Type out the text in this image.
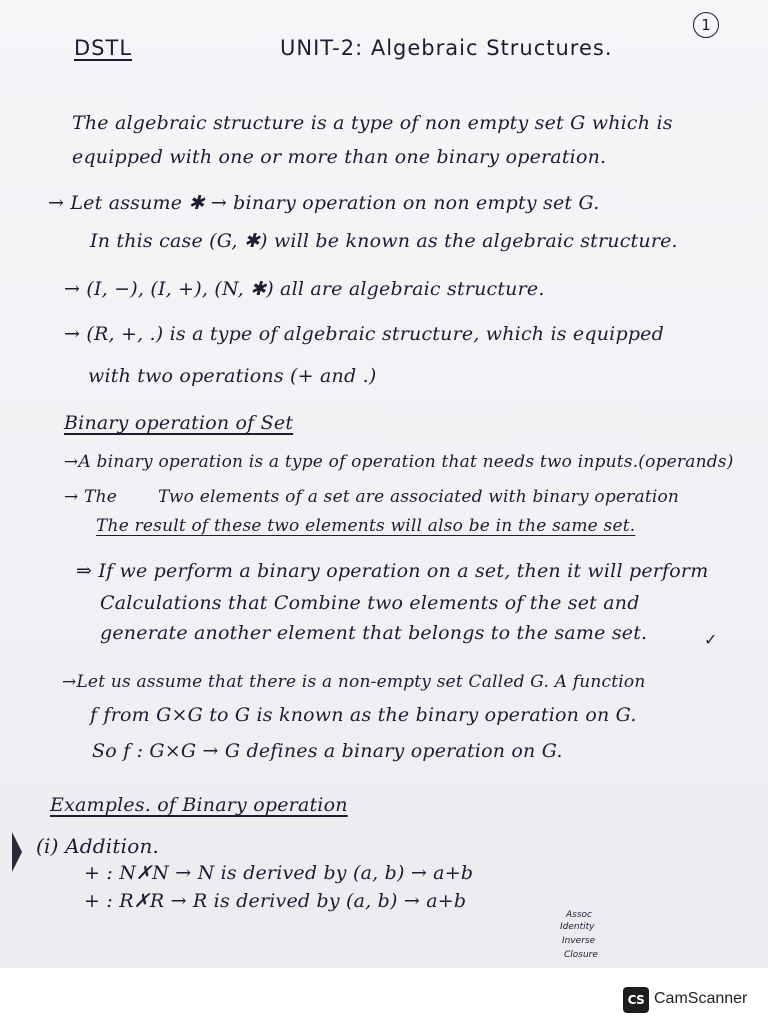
DSTL	UNIT-2: Algebraic Structures.
1
The algebraic structure is a type of non empty set G which is
equipped with one or more than one binary operation.
→ Let assume ✱ → binary operation on non empty set G.
In this case (G, ✱) will be known as the algebraic structure.
→ (I, −), (I, +), (N, ✱) all are algebraic structure.
→ (R, +, .) is a type of algebraic structure, which is equipped
with two operations (+ and .)
Binary operation of Set
→A binary operation is a type of operation that needs two inputs.(operands)
→ The Two elements of a set are associated with binary operation
The result of these two elements will also be in the same set.
⇒ If we perform a binary operation on a set, then it will perform
Calculations that Combine two elements of the set and
generate another element that belongs to the same set.	✓
→Let us assume that there is a non-empty set Called G. A function
f from G×G to G is known as the binary operation on G.
So f : G×G → G defines a binary operation on G.
Examples. of Binary operation
(i) Addition.
+ : N✗N → N is derived by (a, b) → a+b
+ : R✗R → R is derived by (a, b) → a+b
Assoc
Identity
Inverse
Closure
CS CamScanner
